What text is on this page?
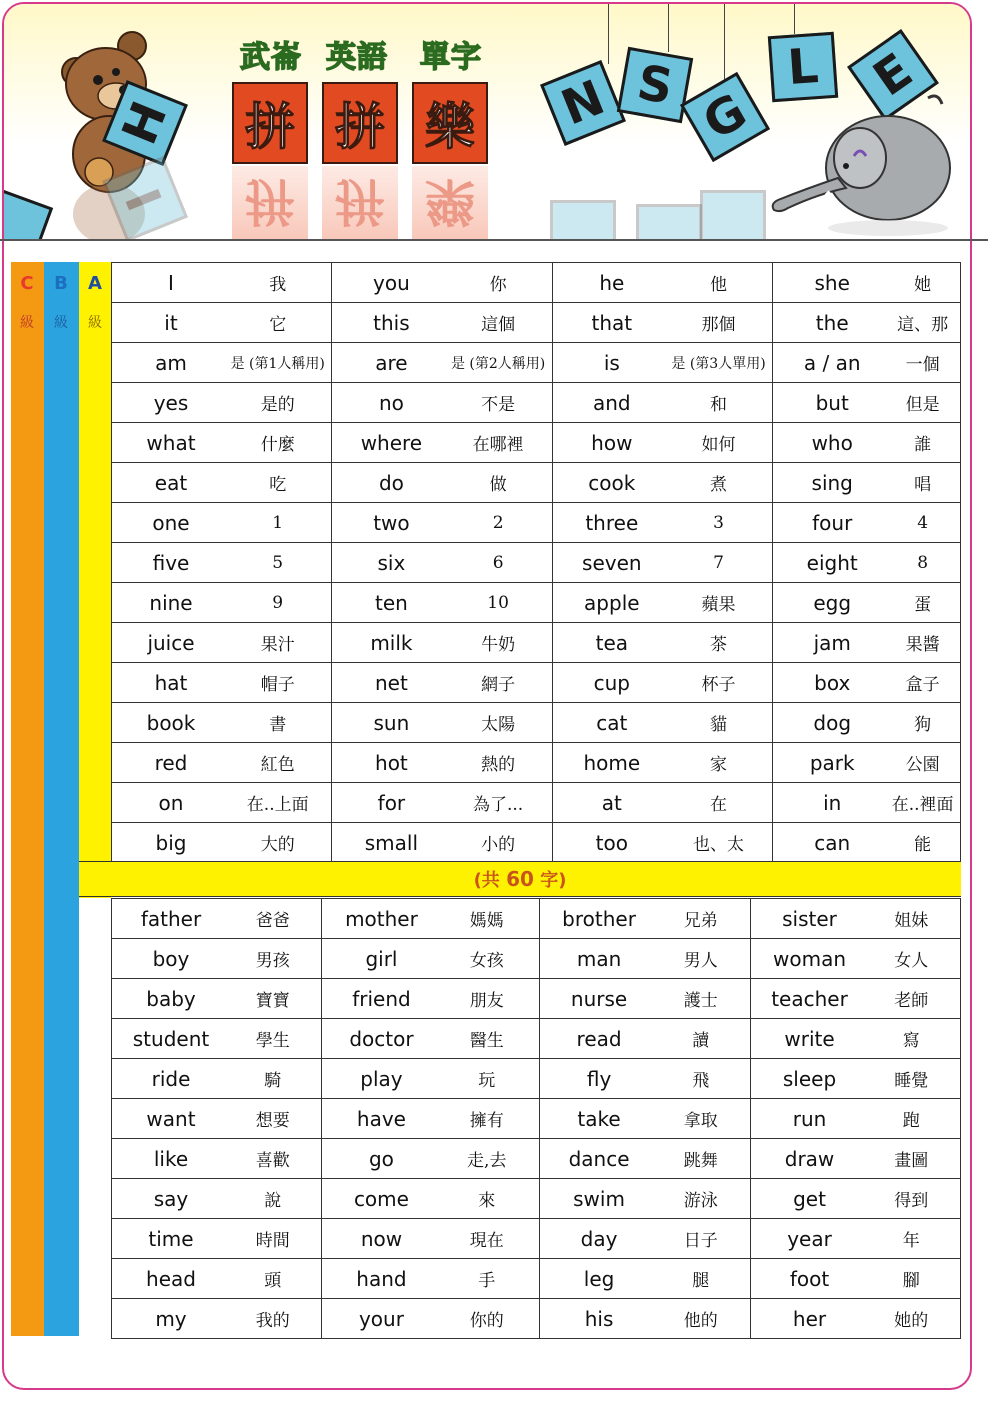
H
I
武崙 英語 單字
拼 拼 樂
拼 拼 樂
N S G
L E
C
級
B
級
A
級
I 我	you 你	he 他	she 她

it 它	this 這個	that 那個	the 這、那

am 是 (第1人稱用)	are 是 (第2人稱用)	is 是 (第3人單用)	a / an 一個

yes 是的	no 不是	and 和	but 但是

what 什麼	where 在哪裡	how 如何	who 誰

eat 吃	do 做	cook 煮	sing 唱

one 1	two 2	three 3	four 4

five 5	six 6	seven 7	eight 8

nine 9	ten 10	apple 蘋果	egg 蛋

juice 果汁	milk 牛奶	tea 茶	jam 果醬

hat 帽子	net 網子	cup 杯子	box 盒子

book 書	sun 太陽	cat 貓	dog 狗

red 紅色	hot 熱的	home 家	park 公園

on 在..上面	for 為了...	at 在	in 在..裡面

big 大的	small 小的	too 也、太	can 能
(共
60
字)
father 爸爸	mother 媽媽	brother 兄弟	sister 姐妹

boy 男孩	girl 女孩	man 男人	woman 女人

baby 寶寶	friend 朋友	nurse 護士	teacher 老師

student 學生	doctor 醫生	read 讀	write 寫

ride 騎	play 玩	fly 飛	sleep 睡覺

want 想要	have 擁有	take 拿取	run 跑

like 喜歡	go 走,去	dance 跳舞	draw 畫圖

say 說	come 來	swim 游泳	get 得到

time 時間	now 現在	day 日子	year 年

head 頭	hand 手	leg 腿	foot 腳

my 我的	your 你的	his 他的	her 她的
